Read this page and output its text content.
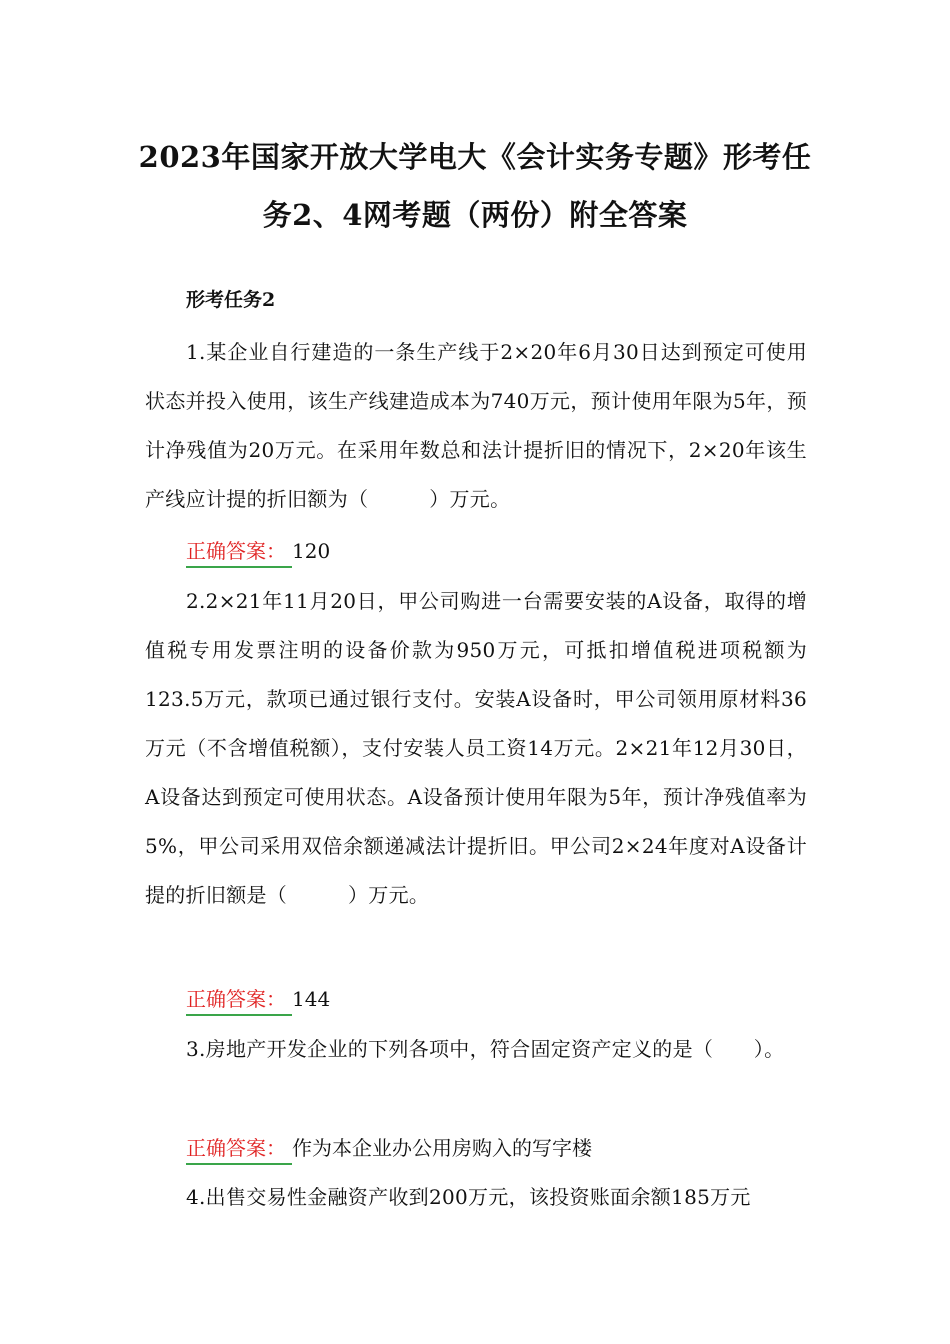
2023年国家开放大学电大《会计实务专题》形考任
务2、4网考题（两份）附全答案
形考任务2
1.某企业自行建造的一条生产线于2×20年6月30日达到预定可使用状态并投入使用，该生产线建造成本为740万元，预计使用年限为5年，预计净残值为20万元。在采用年数总和法计提折旧的情况下，2×20年该生产线应计提的折旧额为（　　　）万元。
正确答案： 120
2.2×21年11月20日，甲公司购进一台需要安装的A设备，取得的增值税专用发票注明的设备价款为950万元，可抵扣增值税进项税额为123.5万元，款项已通过银行支付。安装A设备时，甲公司领用原材料36万元（不含增值税额），支付安装人员工资14万元。2×21年12月30日，A设备达到预定可使用状态。A设备预计使用年限为5年，预计净残值率为5%，甲公司采用双倍余额递减法计提折旧。甲公司2×24年度对A设备计提的折旧额是（　　　）万元。
正确答案： 144
3.房地产开发企业的下列各项中，符合固定资产定义的是（　　）。
正确答案： 作为本企业办公用房购入的写字楼
4.出售交易性金融资产收到200万元，该投资账面余额185万元
